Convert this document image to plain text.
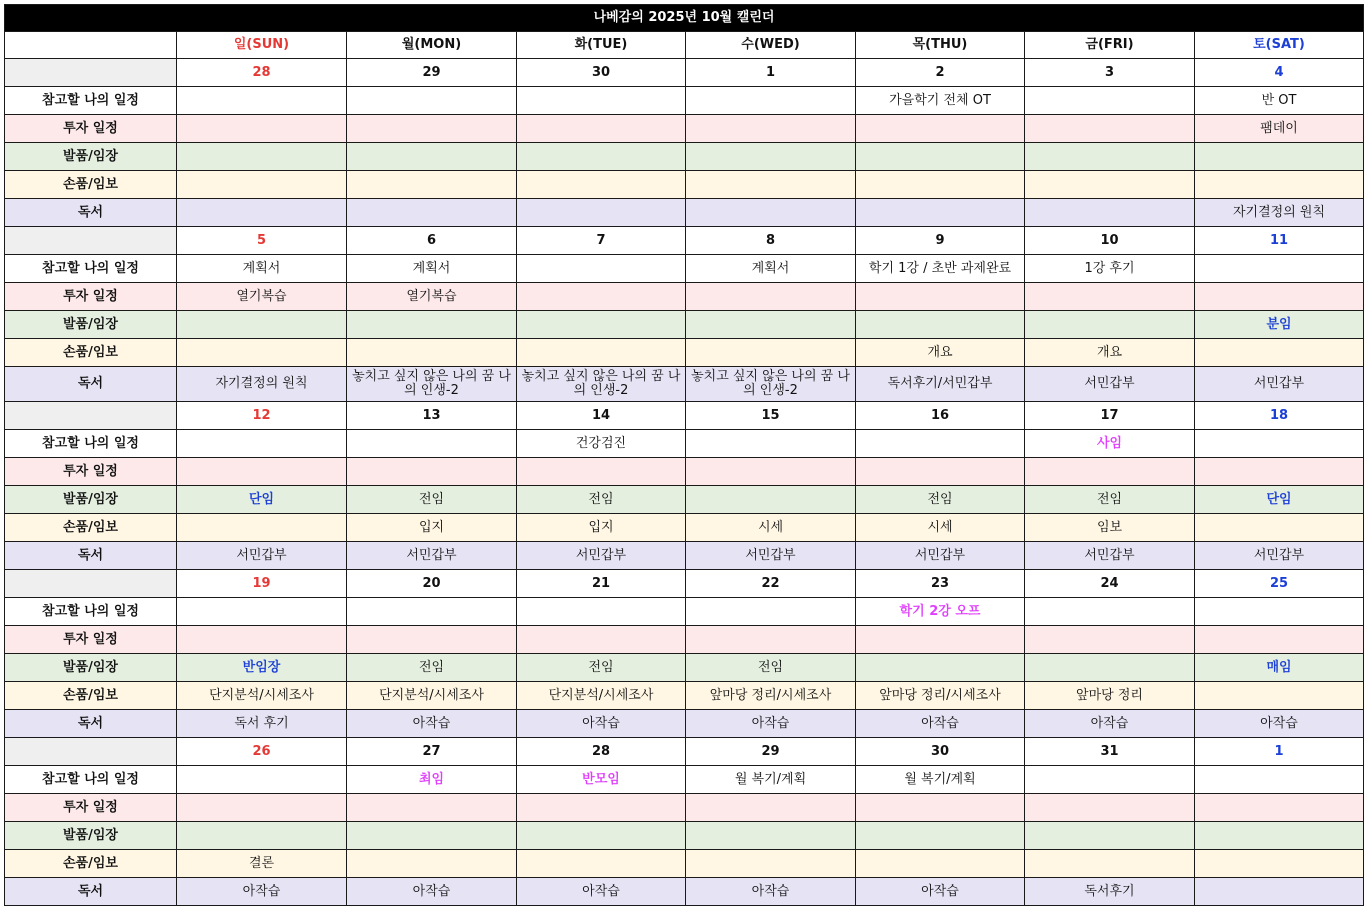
나베감의 2025년 10월 캘린더							
	일(SUN)	월(MON)	화(TUE)	수(WED)	목(THU)	금(FRI)	토(SAT)
	28	29	30	1	2	3	4
참고할 나의 일정					가을학기 전체 OT		반 OT
투자 일정							팸데이
발품/임장							
손품/임보							
독서							자기결정의 원칙
	5	6	7	8	9	10	11
참고할 나의 일정	계획서	계획서		계획서	학기 1강 / 초반 과제완료	1강 후기	
투자 일정	열기복습	열기복습					
발품/임장							분임
손품/임보					개요	개요	
독서	자기결정의 원칙	놓치고 싶지 않은 나의 꿈 나의 인생-2	놓치고 싶지 않은 나의 꿈 나의 인생-2	놓치고 싶지 않은 나의 꿈 나의 인생-2	독서후기/서민갑부	서민갑부	서민갑부
	12	13	14	15	16	17	18
참고할 나의 일정			건강검진			사임	
투자 일정							
발품/임장	단임	전임	전임		전임	전임	단임
손품/임보		입지	입지	시세	시세	임보	
독서	서민갑부	서민갑부	서민갑부	서민갑부	서민갑부	서민갑부	서민갑부
	19	20	21	22	23	24	25
참고할 나의 일정					학기 2강 오프		
투자 일정							
발품/임장	반임장	전임	전임	전임			매임
손품/임보	단지분석/시세조사	단지분석/시세조사	단지분석/시세조사	앞마당 정리/시세조사	앞마당 정리/시세조사	앞마당 정리	
독서	독서 후기	아작습	아작습	아작습	아작습	아작습	아작습
	26	27	28	29	30	31	1
참고할 나의 일정		최임	반모임	월 복기/계획	월 복기/계획		
투자 일정							
발품/임장							
손품/임보	결론						
독서	아작습	아작습	아작습	아작습	아작습	독서후기	
